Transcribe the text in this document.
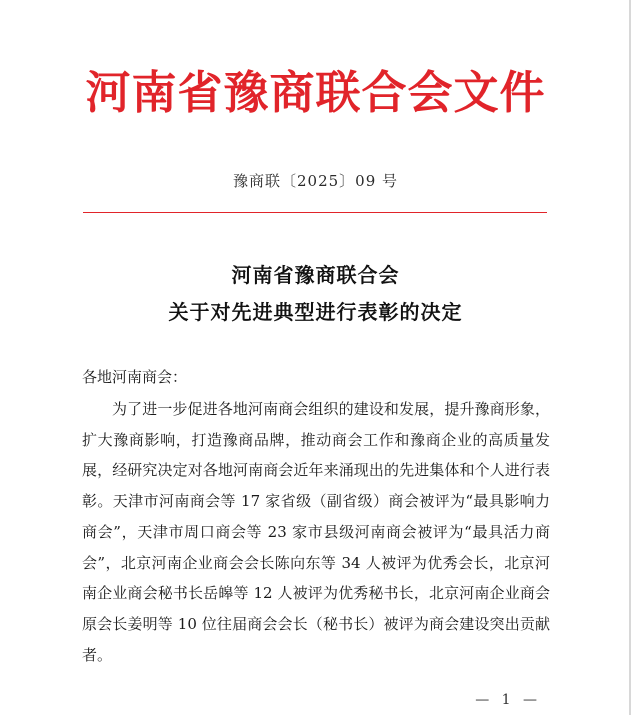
河南省豫商联合会文件
豫商联〔2025〕09 号
河南省豫商联合会
关于对先进典型进行表彰的决定
各地河南商会：

为了进一步促进各地河南商会组织的建设和发展，提升豫商形象，扩大豫商影响，打造豫商品牌，推动商会工作和豫商企业的高质量发展，经研究决定对各地河南商会近年来涌现出的先进集体和个人进行表彰。天津市河南商会等 17 家省级（副省级）商会被评为“最具影响力商会”，天津市周口商会等 23 家市县级河南商会被评为“最具活力商会”，北京河南企业商会会长陈向东等 34 人被评为优秀会长，北京河南企业商会秘书长岳皞等 12 人被评为优秀秘书长，北京河南企业商会原会长姜明等 10 位往届商会会长（秘书长）被评为商会建设突出贡献者。

— 1 —
